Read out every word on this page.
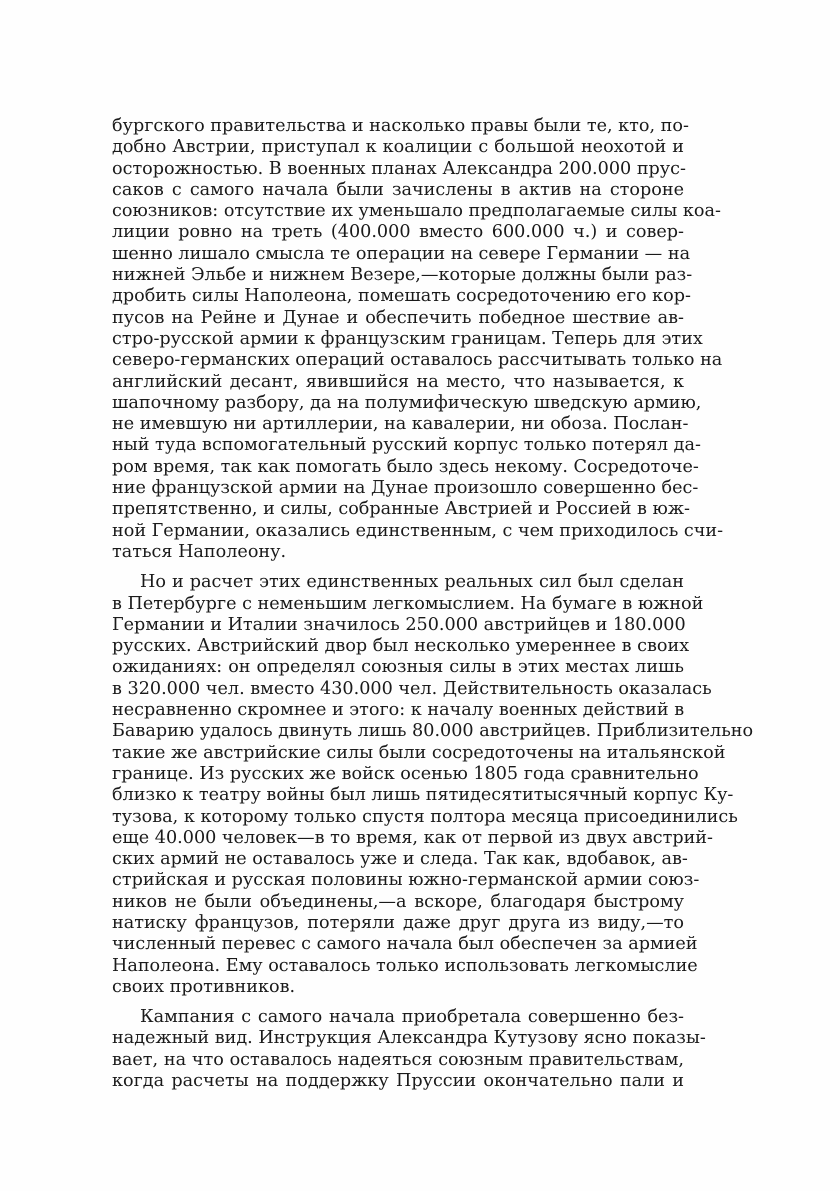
бургского правительства и насколько правы были те, кто, по-
добно Австрии, приступал к коалиции с большой неохотой и
осторожностью. В военных планах Александра 200.000 прус-
саков с самого начала были зачислены в актив на стороне
союзников: отсутствие их уменьшало предполагаемые силы коа-
лиции ровно на треть (400.000 вместо 600.000 ч.) и совер-
шенно лишало смысла те операции на севере Германии — на
нижней Эльбе и нижнем Везере,—которые должны были раз-
дробить силы Наполеона, помешать сосредоточению его кор-
пусов на Рейне и Дунае и обеспечить победное шествие ав-
стро-русской армии к французским границам. Теперь для этих
северо-германских операций оставалось рассчитывать только на
английский десант, явившийся на место, что называется, к
шапочному разбору, да на полумифическую шведскую армию,
не имевшую ни артиллерии, на кавалерии, ни обоза. Послан-
ный туда вспомогательный русский корпус только потерял да-
ром время, так как помогать было здесь некому. Сосредоточе-
ние французской армии на Дунае произошло совершенно бес-
препятственно, и силы, собранные Австрией и Россией в юж-
ной Германии, оказались единственным, с чем приходилось счи-
таться Наполеону.
Но и расчет этих единственных реальных сил был сделан
в Петербурге с неменьшим легкомыслием. На бумаге в южной
Германии и Италии значилось 250.000 австрийцев и 180.000
русских. Австрийский двор был несколько умереннее в своих
ожиданиях: он определял союзныя силы в этих местах лишь
в 320.000 чел. вместо 430.000 чел. Действительность оказалась
несравненно скромнее и этого: к началу военных действий в
Баварию удалось двинуть лишь 80.000 австрийцев. Приблизительно
такие же австрийские силы были сосредоточены на итальянской
границе. Из русских же войск осенью 1805 года сравнительно
близко к театру войны был лишь пятидесятитысячный корпус Ку-
тузова, к которому только спустя полтора месяца присоединились
еще 40.000 человек—в то время, как от первой из двух австрий-
ских армий не оставалось уже и следа. Так как, вдобавок, ав-
стрийская и русская половины южно-германской армии союз-
ников не были объединены,—а вскоре, благодаря быстрому
натиску французов, потеряли даже друг друга из виду,—то
численный перевес с самого начала был обеспечен за армией
Наполеона. Ему оставалось только использовать легкомыслие
своих противников.
Кампания с самого начала приобретала совершенно без-
надежный вид. Инструкция Александра Кутузову ясно показы-
вает, на что оставалось надеяться союзным правительствам,
когда расчеты на поддержку Пруссии окончательно пали и
